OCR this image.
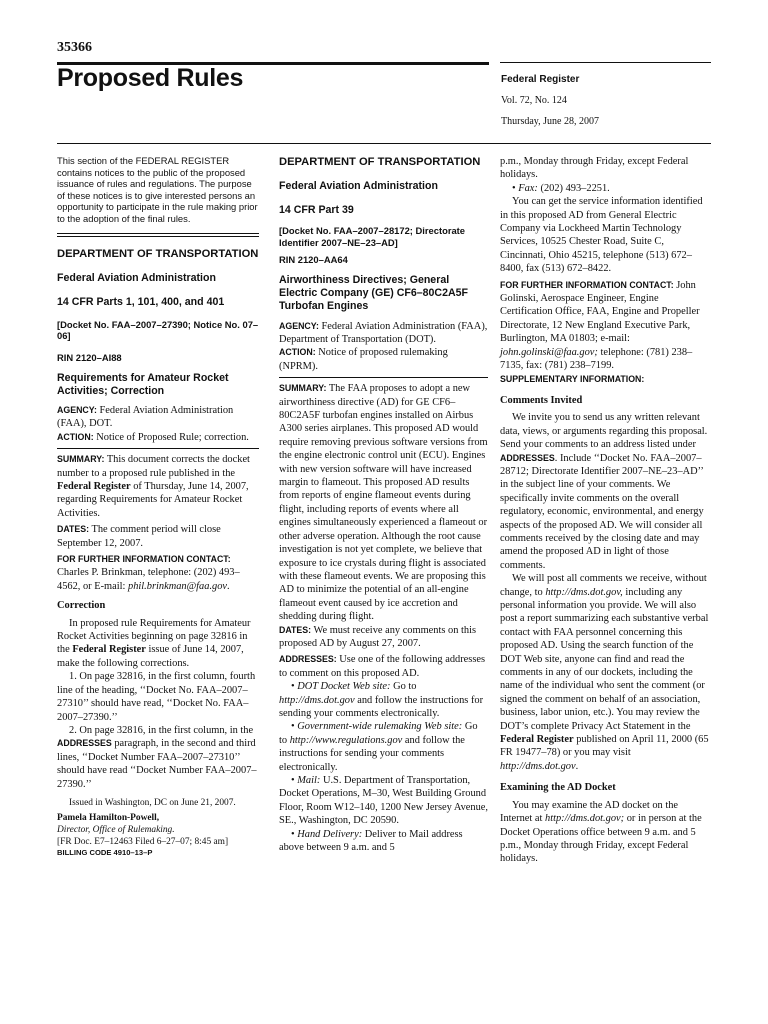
35366
Proposed Rules	Federal Register
Vol. 72, No. 124
Thursday, June 28, 2007

This section of the FEDERAL REGISTER contains notices to the public of the proposed issuance of rules and regulations. The purpose of these notices is to give interested persons an opportunity to participate in the rule making prior to the adoption of the final rules.

DEPARTMENT OF TRANSPORTATION

Federal Aviation Administration

14 CFR Parts 1, 101, 400, and 401

[Docket No. FAA–2007–27390; Notice No. 07–06]

RIN 2120–AI88

Requirements for Amateur Rocket Activities; Correction

AGENCY: Federal Aviation Administration (FAA), DOT.

ACTION: Notice of Proposed Rule; correction.

SUMMARY: This document corrects the docket number to a proposed rule published in the Federal Register of Thursday, June 14, 2007, regarding Requirements for Amateur Rocket Activities.

DATES: The comment period will close September 12, 2007.

FOR FURTHER INFORMATION CONTACT: Charles P. Brinkman, telephone: (202) 493–4562, or E-mail: phil.brinkman@faa.gov.

Correction

In proposed rule Requirements for Amateur Rocket Activities beginning on page 32816 in the Federal Register issue of June 14, 2007, make the following corrections.

1. On page 32816, in the first column, fourth line of the heading, ‘‘Docket No. FAA–2007–27310’’ should have read, ‘‘Docket No. FAA–2007–27390.’’

2. On page 32816, in the first column, in the ADDRESSES paragraph, in the second and third lines, ‘‘Docket Number FAA–2007–27310’’ should have read ‘‘Docket Number FAA–2007–27390.’’

Issued in Washington, DC on June 21, 2007.

Pamela Hamilton-Powell,

Director, Office of Rulemaking.

[FR Doc. E7–12463 Filed 6–27–07; 8:45 am]

BILLING CODE 4910–13–P

DEPARTMENT OF TRANSPORTATION

Federal Aviation Administration

14 CFR Part 39

[Docket No. FAA–2007–28172; Directorate Identifier 2007–NE–23–AD]

RIN 2120–AA64

Airworthiness Directives; General Electric Company (GE) CF6–80C2A5F Turbofan Engines

AGENCY: Federal Aviation Administration (FAA), Department of Transportation (DOT).

ACTION: Notice of proposed rulemaking (NPRM).

SUMMARY: The FAA proposes to adopt a new airworthiness directive (AD) for GE CF6–80C2A5F turbofan engines installed on Airbus A300 series airplanes. This proposed AD would require removing previous software versions from the engine electronic control unit (ECU). Engines with new version software will have increased margin to flameout. This proposed AD results from reports of engine flameout events during flight, including reports of events where all engines simultaneously experienced a flameout or other adverse operation. Although the root cause investigation is not yet complete, we believe that exposure to ice crystals during flight is associated with these flameout events. We are proposing this AD to minimize the potential of an all-engine flameout event caused by ice accretion and shedding during flight.

DATES: We must receive any comments on this proposed AD by August 27, 2007.

ADDRESSES: Use one of the following addresses to comment on this proposed AD.

• DOT Docket Web site: Go to http://dms.dot.gov and follow the instructions for sending your comments electronically.

• Government-wide rulemaking Web site: Go to http://www.regulations.gov and follow the instructions for sending your comments electronically.

• Mail: U.S. Department of Transportation, Docket Operations, M–30, West Building Ground Floor, Room W12–140, 1200 New Jersey Avenue, SE., Washington, DC 20590.

• Hand Delivery: Deliver to Mail address above between 9 a.m. and 5

p.m., Monday through Friday, except Federal holidays.

• Fax: (202) 493–2251.

You can get the service information identified in this proposed AD from General Electric Company via Lockheed Martin Technology Services, 10525 Chester Road, Suite C, Cincinnati, Ohio 45215, telephone (513) 672–8400, fax (513) 672–8422.

FOR FURTHER INFORMATION CONTACT: John Golinski, Aerospace Engineer, Engine Certification Office, FAA, Engine and Propeller Directorate, 12 New England Executive Park, Burlington, MA 01803; e-mail: john.golinski@faa.gov; telephone: (781) 238–7135, fax: (781) 238–7199.

SUPPLEMENTARY INFORMATION:

Comments Invited

We invite you to send us any written relevant data, views, or arguments regarding this proposal. Send your comments to an address listed under ADDRESSES. Include ‘‘Docket No. FAA–2007–28712; Directorate Identifier 2007–NE–23–AD’’ in the subject line of your comments. We specifically invite comments on the overall regulatory, economic, environmental, and energy aspects of the proposed AD. We will consider all comments received by the closing date and may amend the proposed AD in light of those comments.

We will post all comments we receive, without change, to http://dms.dot.gov, including any personal information you provide. We will also post a report summarizing each substantive verbal contact with FAA personnel concerning this proposed AD. Using the search function of the DOT Web site, anyone can find and read the comments in any of our dockets, including the name of the individual who sent the comment (or signed the comment on behalf of an association, business, labor union, etc.). You may review the DOT’s complete Privacy Act Statement in the Federal Register published on April 11, 2000 (65 FR 19477–78) or you may visit http://dms.dot.gov.

Examining the AD Docket

You may examine the AD docket on the Internet at http://dms.dot.gov; or in person at the Docket Operations office between 9 a.m. and 5 p.m., Monday through Friday, except Federal holidays.
